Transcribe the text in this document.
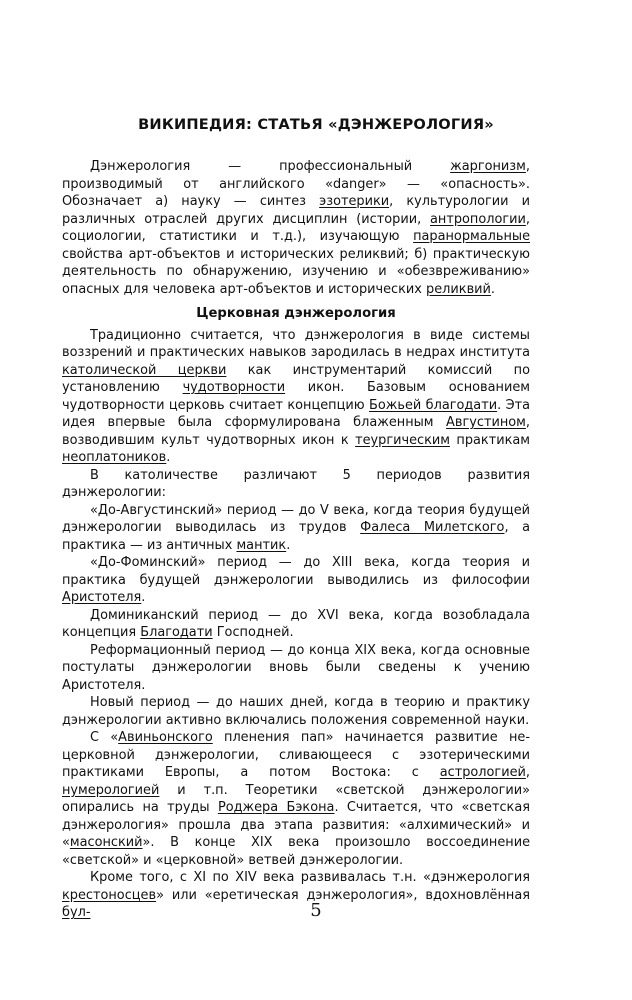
ВИКИПЕДИЯ: СТАТЬЯ «ДЭНЖЕРОЛОГИЯ»

Дэнжерология — профессиональный жаргонизм, производимый от английского «danger» — «опасность». Обозначает а) науку — синтез эзотерики, культурологии и различных отраслей других дисциплин (истории, антропологии, социологии, статистики и т.д.), изучающую паранормальные свойства арт-объектов и исторических реликвий; б) практическую деятельность по обнаружению, изучению и «обезвреживанию» опасных для человека арт-объектов и исторических реликвий.

Церковная дэнжерология

Традиционно считается, что дэнжерология в виде системы воззрений и практических навыков зародилась в недрах института католической церкви как инструментарий комиссий по установлению чудотворности икон. Базовым основанием чудотворности церковь считает концепцию Божьей благодати. Эта идея впервые была сформулирована блаженным Августином, возводившим культ чудотворных икон к теургическим практикам неоплатоников.

В католичестве различают 5 периодов развития дэнжерологии:

«До-Августинский» период — до V века, когда теория будущей дэнжерологии выводилась из трудов Фалеса Милетского, а практика — из античных мантик.

«До-Фоминский» период — до XIII века, когда теория и практика будущей дэнжерологии выводились из философии Аристотеля.

Доминиканский период — до XVI века, когда возобладала концепция Благодати Господней.

Реформационный период — до конца XIX века, когда основные постулаты дэнжерологии вновь были сведены к учению Аристотеля.

Новый период — до наших дней, когда в теорию и практику дэнжерологии активно включались положения современной науки.

С «Авиньонского пленения пап» начинается развитие не-церковной дэнжерологии, сливающееся с эзотерическими практиками Европы, а потом Востока: с астрологией, нумерологией и т.п. Теоретики «светской дэнжерологии» опирались на труды Роджера Бэкона. Считается, что «светская дэнжерология» прошла два этапа развития: «алхимический» и «масонский». В конце XIX века произошло воссоединение «светской» и «церковной» ветвей дэнжерологии.

Кроме того, с XI по XIV века развивалась т.н. «дэнжерология крестоносцев» или «еретическая дэнжерология», вдохновлённая бул-	5
